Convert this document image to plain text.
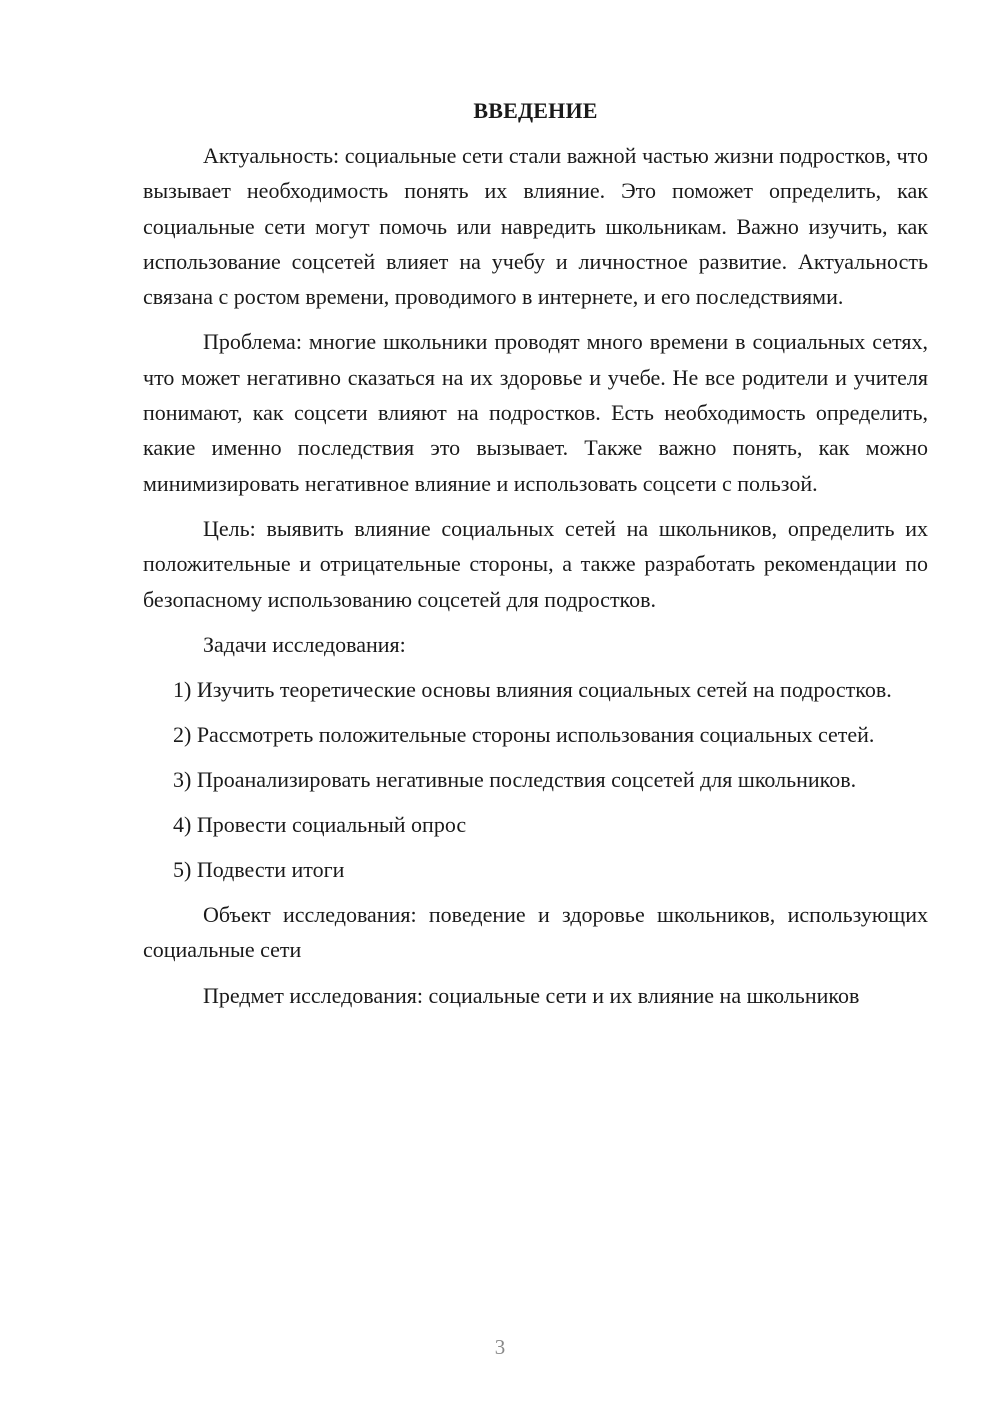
ВВЕДЕНИЕ

Актуальность: социальные сети стали важной частью жизни подростков, что вызывает необходимость понять их влияние. Это поможет определить, как социальные сети могут помочь или навредить школьникам. Важно изучить, как использование соцсетей влияет на учебу и личностное развитие. Актуальность связана с ростом времени, проводимого в интернете, и его последствиями.

Проблема: многие школьники проводят много времени в социальных сетях, что может негативно сказаться на их здоровье и учебе. Не все родители и учителя понимают, как соцсети влияют на подростков. Есть необходимость определить, какие именно последствия это вызывает. Также важно понять, как можно минимизировать негативное влияние и использовать соцсети с пользой.

Цель: выявить влияние социальных сетей на школьников, определить их положительные и отрицательные стороны, а также разработать рекомендации по безопасному использованию соцсетей для подростков.

Задачи исследования:

1) Изучить теоретические основы влияния социальных сетей на подростков.

2) Рассмотреть положительные стороны использования социальных сетей.

3) Проанализировать негативные последствия соцсетей для школьников.

4) Провести социальный опрос

5) Подвести итоги

Объект исследования: поведение и здоровье школьников, использующих социальные сети

Предмет исследования: социальные сети и их влияние на школьников

3
